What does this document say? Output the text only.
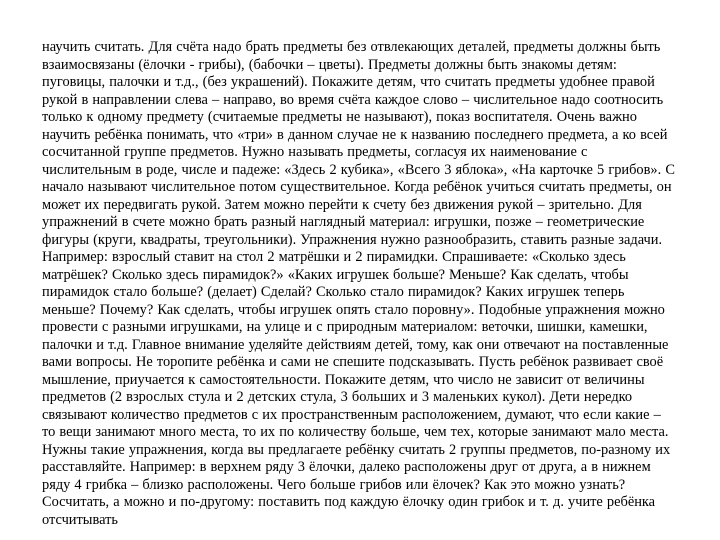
научить считать. Для счёта надо брать предметы без отвлекающих деталей, предметы должны быть взаимосвязаны (ёлочки - грибы), (бабочки – цветы). Предметы должны быть знакомы детям: пуговицы, палочки и т.д., (без украшений). Покажите детям, что считать предметы удобнее правой рукой в направлении слева – направо, во время счёта каждое слово – числительное надо соотносить только к одному предмету (считаемые предметы не называют), показ воспитателя. Очень важно научить ребёнка понимать, что «три» в данном случае не к названию последнего предмета, а ко всей сосчитанной группе предметов. Нужно называть предметы, согласуя их наименование с числительным в роде, числе и падеже: «Здесь 2 кубика», «Всего 3 яблока», «На карточке 5 грибов». С начало называют числительное потом существительное. Когда ребёнок учиться считать предметы, он может их передвигать рукой. Затем можно перейти к счету без движения рукой – зрительно. Для упражнений в счете можно брать разный наглядный материал: игрушки, позже – геометрические фигуры (круги, квадраты, треугольники). Упражнения нужно разнообразить, ставить разные задачи. Например: взрослый ставит на стол 2 матрёшки и 2 пирамидки. Спрашиваете: «Сколько здесь матрёшек? Сколько здесь пирамидок?» «Каких игрушек больше? Меньше? Как сделать, чтобы пирамидок стало больше? (делает) Сделай? Сколько стало пирамидок? Каких игрушек теперь меньше? Почему? Как сделать, чтобы игрушек опять стало поровну». Подобные упражнения можно провести с разными игрушками, на улице и с природным материалом: веточки, шишки, камешки, палочки и т.д. Главное внимание уделяйте действиям детей, тому, как они отвечают на поставленные вами вопросы. Не торопите ребёнка и сами не спешите подсказывать. Пусть ребёнок развивает своё мышление, приучается к самостоятельности. Покажите детям, что число не зависит от величины предметов (2 взрослых стула и 2 детских стула, 3 больших и 3 маленьких кукол). Дети нередко связывают количество предметов с их пространственным расположением, думают, что если какие – то вещи занимают много места, то их по количеству больше, чем тех, которые занимают мало места. Нужны такие упражнения, когда вы предлагаете ребёнку считать 2 группы предметов, по-разному их расставляйте. Например: в верхнем ряду 3 ёлочки, далеко расположены друг от друга, а в нижнем ряду 4 грибка – близко расположены. Чего больше грибов или ёлочек? Как это можно узнать? Сосчитать, а можно и по-другому: поставить под каждую ёлочку один грибок и т. д. учите ребёнка отсчитывать
